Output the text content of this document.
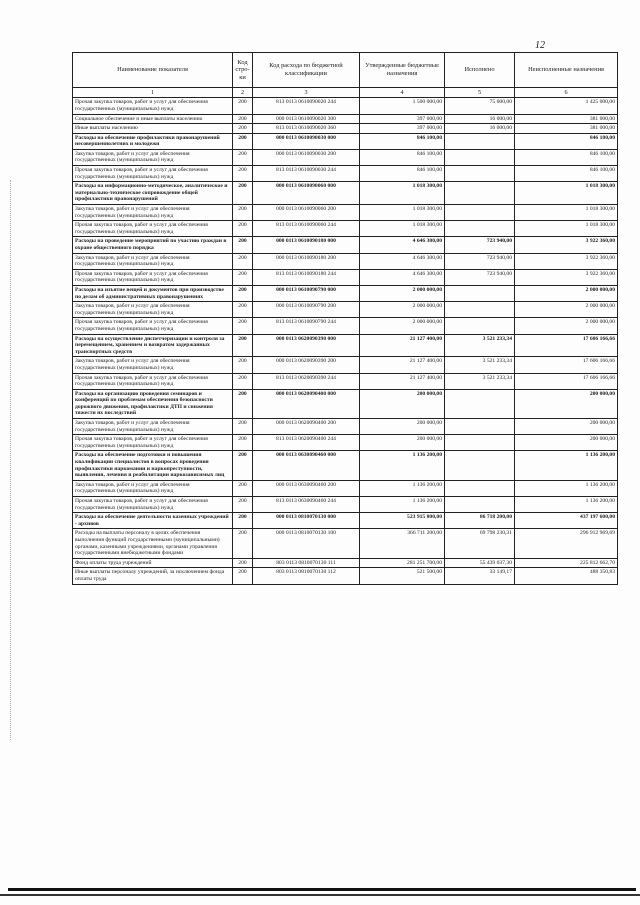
12
Наименование показателя	Код стро-ки	Код расхода по бюджетной классификации	Утвержденные бюджетные назначения	Исполнено	Неисполненные назначения
1	2	3	4	5	6
Прочая закупка товаров, работ и услуг для обеспечения государственных (муниципальных) нужд	200	813 0113 0610090020 244	1 500 000,00	75 000,00	1 425 000,00
Социальное обеспечение и иные выплаты населению	200	000 0113 0610090020 300	397 000,00	16 000,00	381 000,00
Иные выплаты населению	200	813 0113 0610090020 360	397 000,00	16 000,00	381 000,00
Расходы на обеспечение профилактики правонарушений несовершеннолетних и молодежи	200	000 0113 0610090030 000	846 100,00		846 100,00
Закупка товаров, работ и услуг для обеспечения государственных (муниципальных) нужд	200	000 0113 0610090030 200	846 100,00		846 100,00
Прочая закупка товаров, работ и услуг для обеспечения государственных (муниципальных) нужд	200	813 0113 0610090030 244	846 100,00		846 100,00
Расходы на информационно-методическое, аналитическое и материально-техническое сопровождение общей профилактики правонарушений	200	000 0113 0610090060 000	1 018 300,00		1 018 300,00
Закупка товаров, работ и услуг для обеспечения государственных (муниципальных) нужд	200	000 0113 0610090060 200	1 018 300,00		1 018 300,00
Прочая закупка товаров, работ и услуг для обеспечения государственных (муниципальных) нужд	200	813 0113 0610090060 244	1 018 300,00		1 018 300,00
Расходы на проведение мероприятий по участию граждан в охране общественного порядка	200	000 0113 0610090180 000	4 646 300,00	723 940,00	3 922 360,00
Закупка товаров, работ и услуг для обеспечения государственных (муниципальных) нужд	200	000 0113 0610090180 200	4 646 300,00	723 940,00	3 922 360,00
Прочая закупка товаров, работ и услуг для обеспечения государственных (муниципальных) нужд	200	813 0113 0610090180 244	4 646 300,00	723 940,00	3 922 360,00
Расходы на изъятие вещей и документов при производстве по делам об административных правонарушениях	200	000 0113 0610090790 000	2 000 000,00		2 000 000,00
Закупка товаров, работ и услуг для обеспечения государственных (муниципальных) нужд	200	000 0113 0610090790 200	2 000 000,00		2 000 000,00
Прочая закупка товаров, работ и услуг для обеспечения государственных (муниципальных) нужд	200	813 0113 0610090790 244	2 000 000,00		2 000 000,00
Расходы на осуществление диспетчеризации и контроля за перемещением, хранением и возвратом задержанных транспортных средств	200	000 0113 0620090390 000	21 127 400,00	3 521 233,34	17 606 166,66
Закупка товаров, работ и услуг для обеспечения государственных (муниципальных) нужд	200	000 0113 0620090390 200	21 127 400,00	3 521 233,34	17 606 166,66
Прочая закупка товаров, работ и услуг для обеспечения государственных (муниципальных) нужд	200	813 0113 0620090390 244	21 127 400,00	3 521 233,34	17 606 166,66
Расходы на организацию проведения семинаров и конференций по проблемам обеспечения безопасности дорожного движения, профилактики ДТП и снижения тяжести их последствий	200	000 0113 0620090400 000	200 000,00		200 000,00
Закупка товаров, работ и услуг для обеспечения государственных (муниципальных) нужд	200	000 0113 0620090400 200	200 000,00		200 000,00
Прочая закупка товаров, работ и услуг для обеспечения государственных (муниципальных) нужд	200	813 0113 0620090400 244	200 000,00		200 000,00
Расходы на обеспечение подготовки и повышения квалификации специалистов в вопросах проведения профилактики наркомании и наркопреступности, выявления, лечения и реабилитации наркозависимых лиц	200	000 0113 0630090460 000	1 136 200,00		1 136 200,00
Закупка товаров, работ и услуг для обеспечения государственных (муниципальных) нужд	200	000 0113 0630090460 200	1 136 200,00		1 136 200,00
Прочая закупка товаров, работ и услуг для обеспечения государственных (муниципальных) нужд	200	813 0113 0630090460 244	1 136 200,00		1 136 200,00
Расходы на обеспечение деятельности казенных учреждений - архивов	200	000 0113 0810070130 000	523 915 800,00	86 718 200,00	437 197 600,00
Расходы на выплаты персоналу в целях обеспечения выполнения функций государственными (муниципальными) органами, казенными учреждениями, органами управления государственными внебюджетными фондами	200	000 0113 0810070130 100	366 711 200,00	69 798 230,31	296 912 969,69
Фонд оплаты труда учреждений	200	803 0113 0810070130 111	281 251 700,00	55 439 037,30	225 812 662,70
Иные выплаты персоналу учреждений, за исключением фонда оплаты труда	200	803 0113 0810070130 112	521 500,00	33 149,17	488 350,83
